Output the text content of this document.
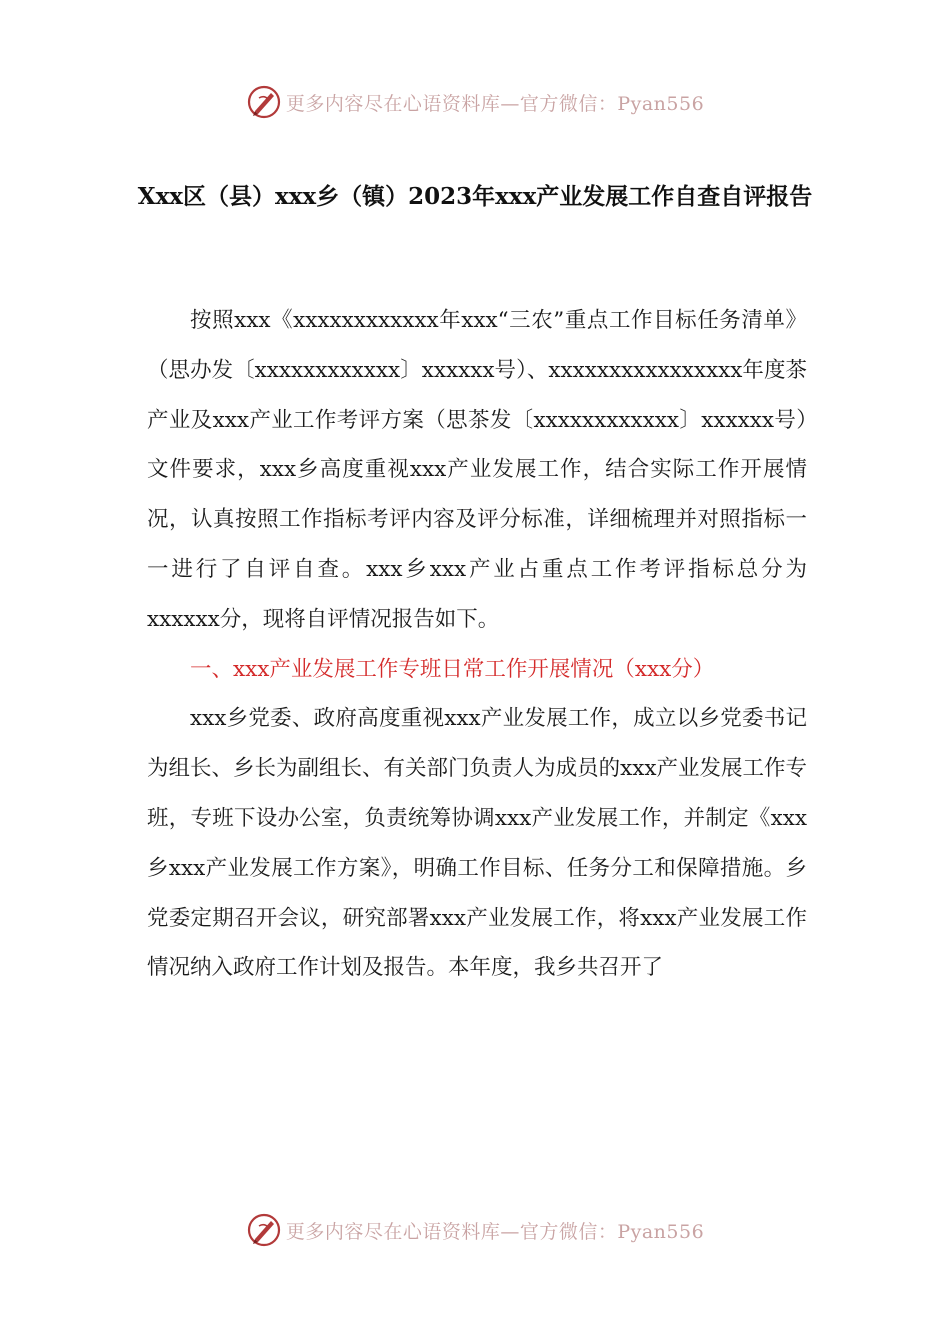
更多内容尽在心语资料库—官方微信：Pyan556
Xxx区（县）xxx乡（镇）2023年xxx产业发展工作自查自评报告

按照xxx《xxxxxxxxxxxx年xxx“三农”重点工作目标任务清单》（思办发〔xxxxxxxxxxxx〕xxxxxx号）、xxxxxxxxxxxxxxxx年度茶产业及xxx产业工作考评方案（思茶发〔xxxxxxxxxxxx〕xxxxxx号）文件要求，xxx乡高度重视xxx产业发展工作，结合实际工作开展情况，认真按照工作指标考评内容及评分标准，详细梳理并对照指标一一进行了自评自查。xxx乡xxx产业占重点工作考评指标总分为xxxxxx分，现将自评情况报告如下。

一、xxx产业发展工作专班日常工作开展情况（xxx分）

xxx乡党委、政府高度重视xxx产业发展工作，成立以乡党委书记为组长、乡长为副组长、有关部门负责人为成员的xxx产业发展工作专班，专班下设办公室，负责统筹协调xxx产业发展工作，并制定《xxx乡xxx产业发展工作方案》，明确工作目标、任务分工和保障措施。乡党委定期召开会议，研究部署xxx产业发展工作，将xxx产业发展工作情况纳入政府工作计划及报告。本年度，我乡共召开了

更多内容尽在心语资料库—官方微信：Pyan556
